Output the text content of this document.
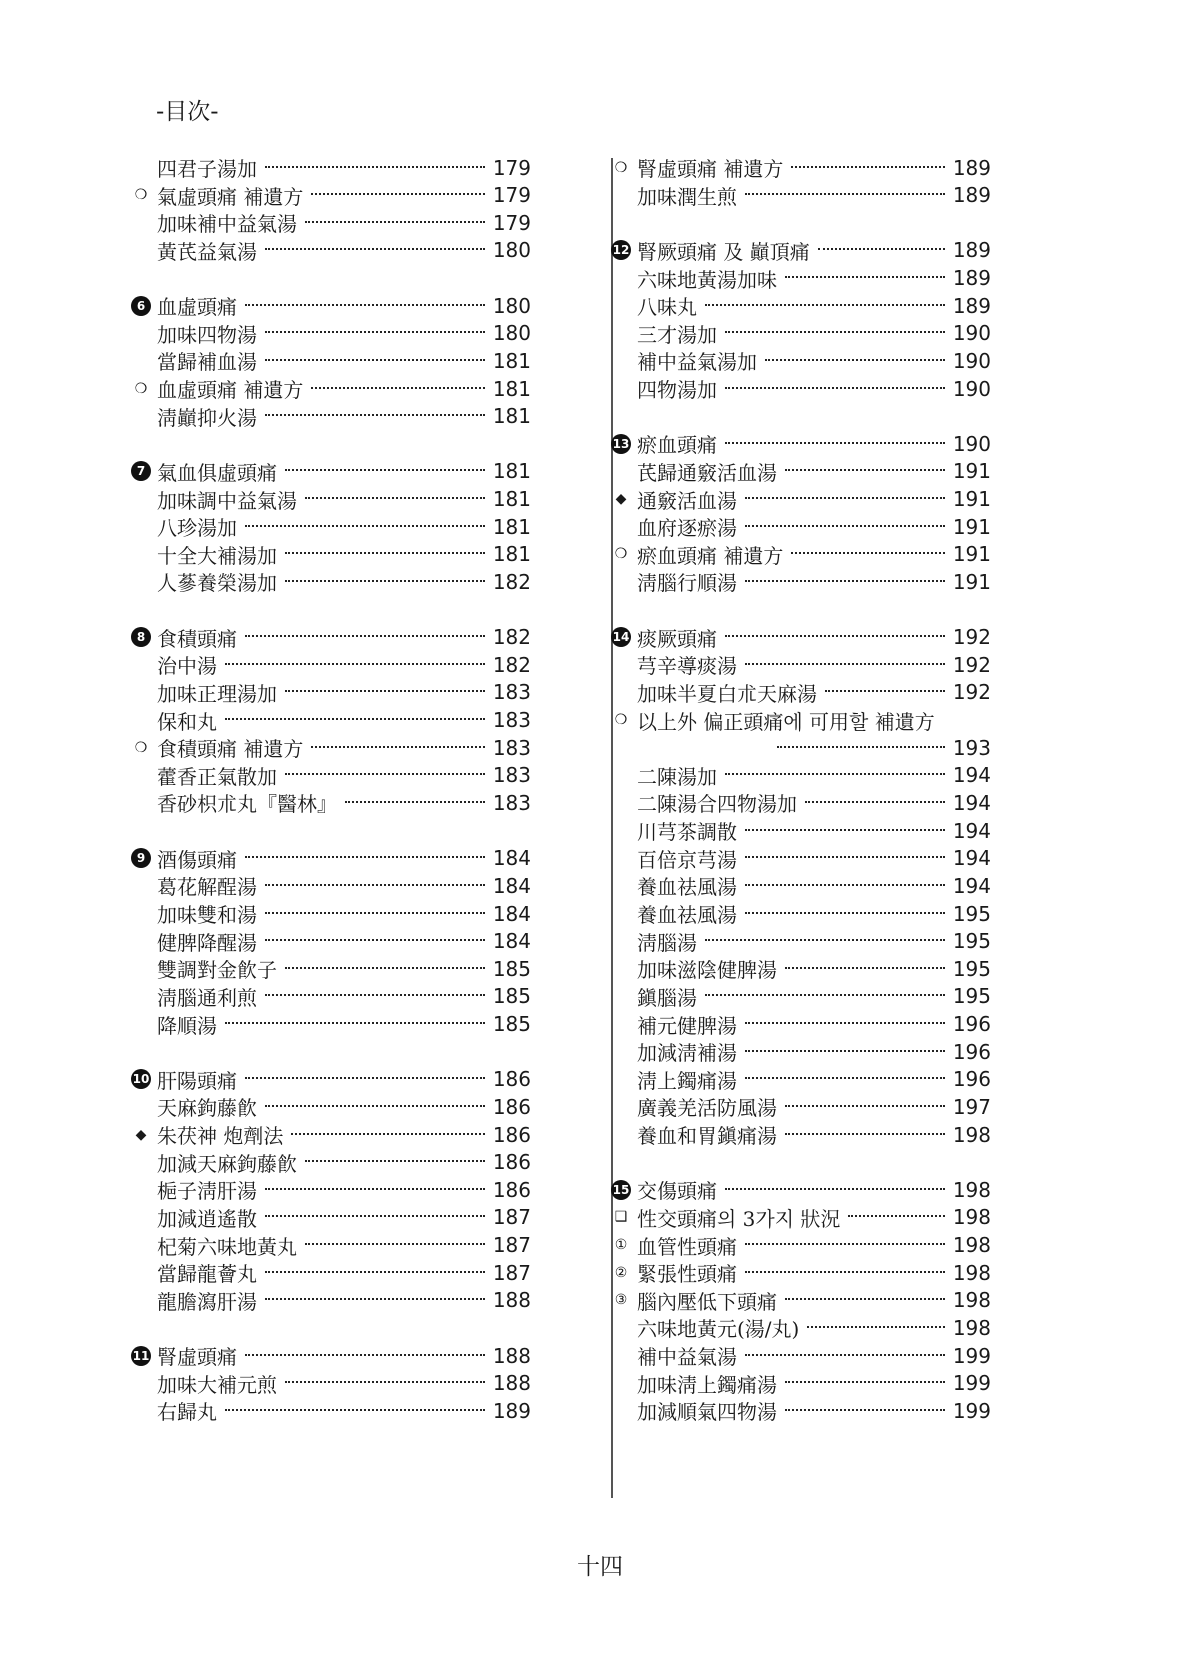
-目次-
四君子湯加	179
❍ 氣虛頭痛 補遺方	179
加味補中益氣湯	179
黃芪益氣湯	180
6 血虛頭痛	180
加味四物湯	180
當歸補血湯	181
❍ 血虛頭痛 補遺方	181
淸巓抑火湯	181
7 氣血俱虛頭痛	181
加味調中益氣湯	181
八珍湯加	181
十全大補湯加	181
人蔘養榮湯加	182
8 食積頭痛	182
治中湯	182
加味正理湯加	183
保和丸	183
❍ 食積頭痛 補遺方	183
藿香正氣散加	183
香砂枳朮丸『醫林』	183
9 酒傷頭痛	184
葛花解酲湯	184
加味雙和湯	184
健脾降醒湯	184
雙調對金飮子	185
淸腦通利煎	185
降順湯	185
10 肝陽頭痛	186
天麻鉤藤飮	186
◆ 朱茯神 炮劑法	186
加減天麻鉤藤飮	186
梔子淸肝湯	186
加減逍遙散	187
杞菊六味地黃丸	187
當歸龍薈丸	187
龍膽瀉肝湯	188
11 腎虛頭痛	188
加味大補元煎	188
右歸丸	189
❍ 腎虛頭痛 補遺方	189
加味潤生煎	189
12 腎厥頭痛 及 巓頂痛	189
六味地黃湯加味	189
八味丸	189
三才湯加	190
補中益氣湯加	190
四物湯加	190
13 瘀血頭痛	190
芪歸通竅活血湯	191
◆ 通竅活血湯	191
血府逐瘀湯	191
❍ 瘀血頭痛 補遺方	191
淸腦行順湯	191
14 痰厥頭痛	192
芎辛導痰湯	192
加味半夏白朮天麻湯	192
❍ 以上外 偏正頭痛에 可用할 補遺方
193
二陳湯加	194
二陳湯合四物湯加	194
川芎茶調散	194
百倍京芎湯	194
養血祛風湯	194
養血祛風湯	195
淸腦湯	195
加味滋陰健脾湯	195
鎭腦湯	195
補元健脾湯	196
加減淸補湯	196
淸上鐲痛湯	196
廣義羌活防風湯	197
養血和胃鎭痛湯	198
15 交傷頭痛	198
❑ 性交頭痛의 3가지 狀況	198
① 血管性頭痛	198
② 緊張性頭痛	198
③ 腦內壓低下頭痛	198
六味地黃元(湯/丸)	198
補中益氣湯	199
加味淸上鐲痛湯	199
加減順氣四物湯	199
十四
